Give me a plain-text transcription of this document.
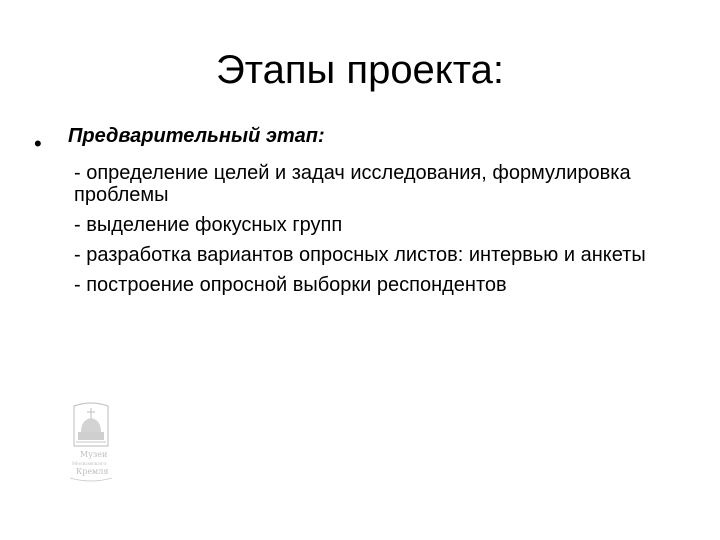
Этапы проекта:
• Предварительный этап:
- определение целей и задач исследования, формулировка проблемы
- выделение фокусных групп
- разработка вариантов опросных листов: интервью и анкеты
- построение опросной выборки респондентов
Музеи
Московского
Кремля
